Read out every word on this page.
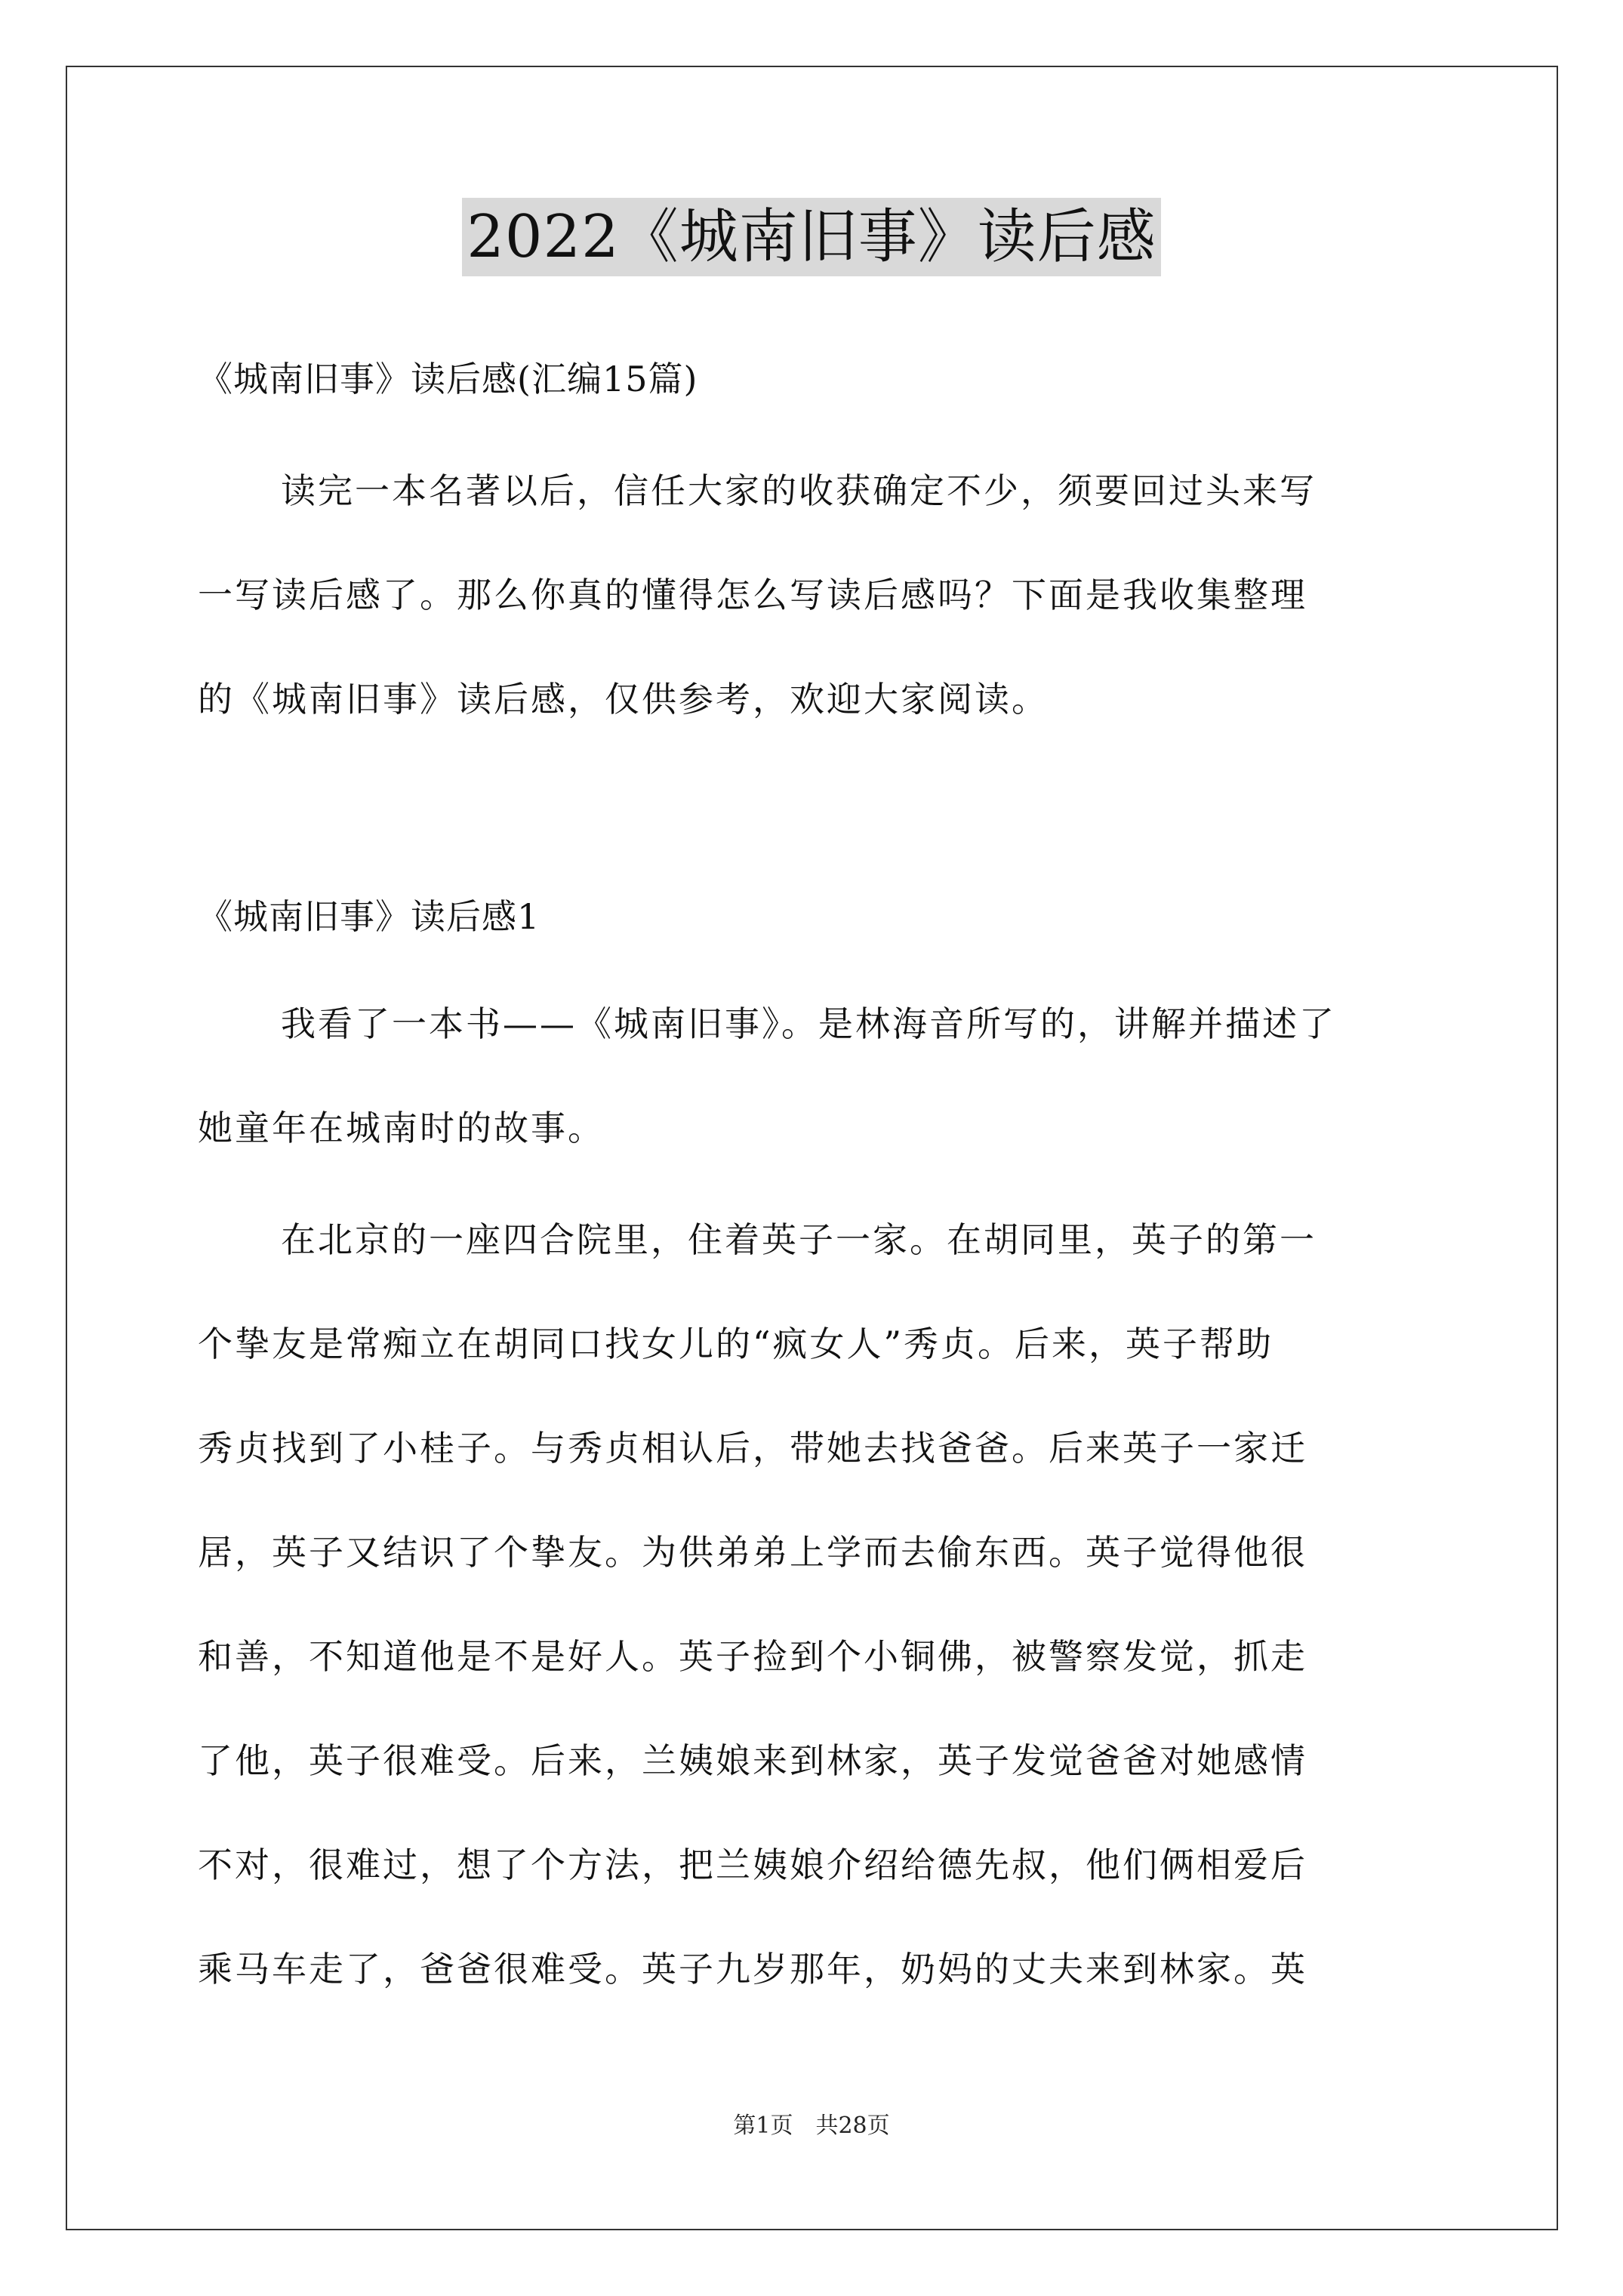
2022《城南旧事》读后感
《城南旧事》读后感(汇编15篇)
读完一本名著以后，信任大家的收获确定不少，须要回过头来写
一写读后感了。那么你真的懂得怎么写读后感吗？下面是我收集整理
的《城南旧事》读后感，仅供参考，欢迎大家阅读。
《城南旧事》读后感1
我看了一本书——《城南旧事》。是林海音所写的，讲解并描述了
她童年在城南时的故事。
在北京的一座四合院里，住着英子一家。在胡同里，英子的第一
个挚友是常痴立在胡同口找女儿的“疯女人”秀贞。后来，英子帮助
秀贞找到了小桂子。与秀贞相认后，带她去找爸爸。后来英子一家迁
居，英子又结识了个挚友。为供弟弟上学而去偷东西。英子觉得他很
和善，不知道他是不是好人。英子捡到个小铜佛，被警察发觉，抓走
了他，英子很难受。后来，兰姨娘来到林家，英子发觉爸爸对她感情
不对，很难过，想了个方法，把兰姨娘介绍给德先叔，他们俩相爱后
乘马车走了，爸爸很难受。英子九岁那年，奶妈的丈夫来到林家。英
第1页　共28页
